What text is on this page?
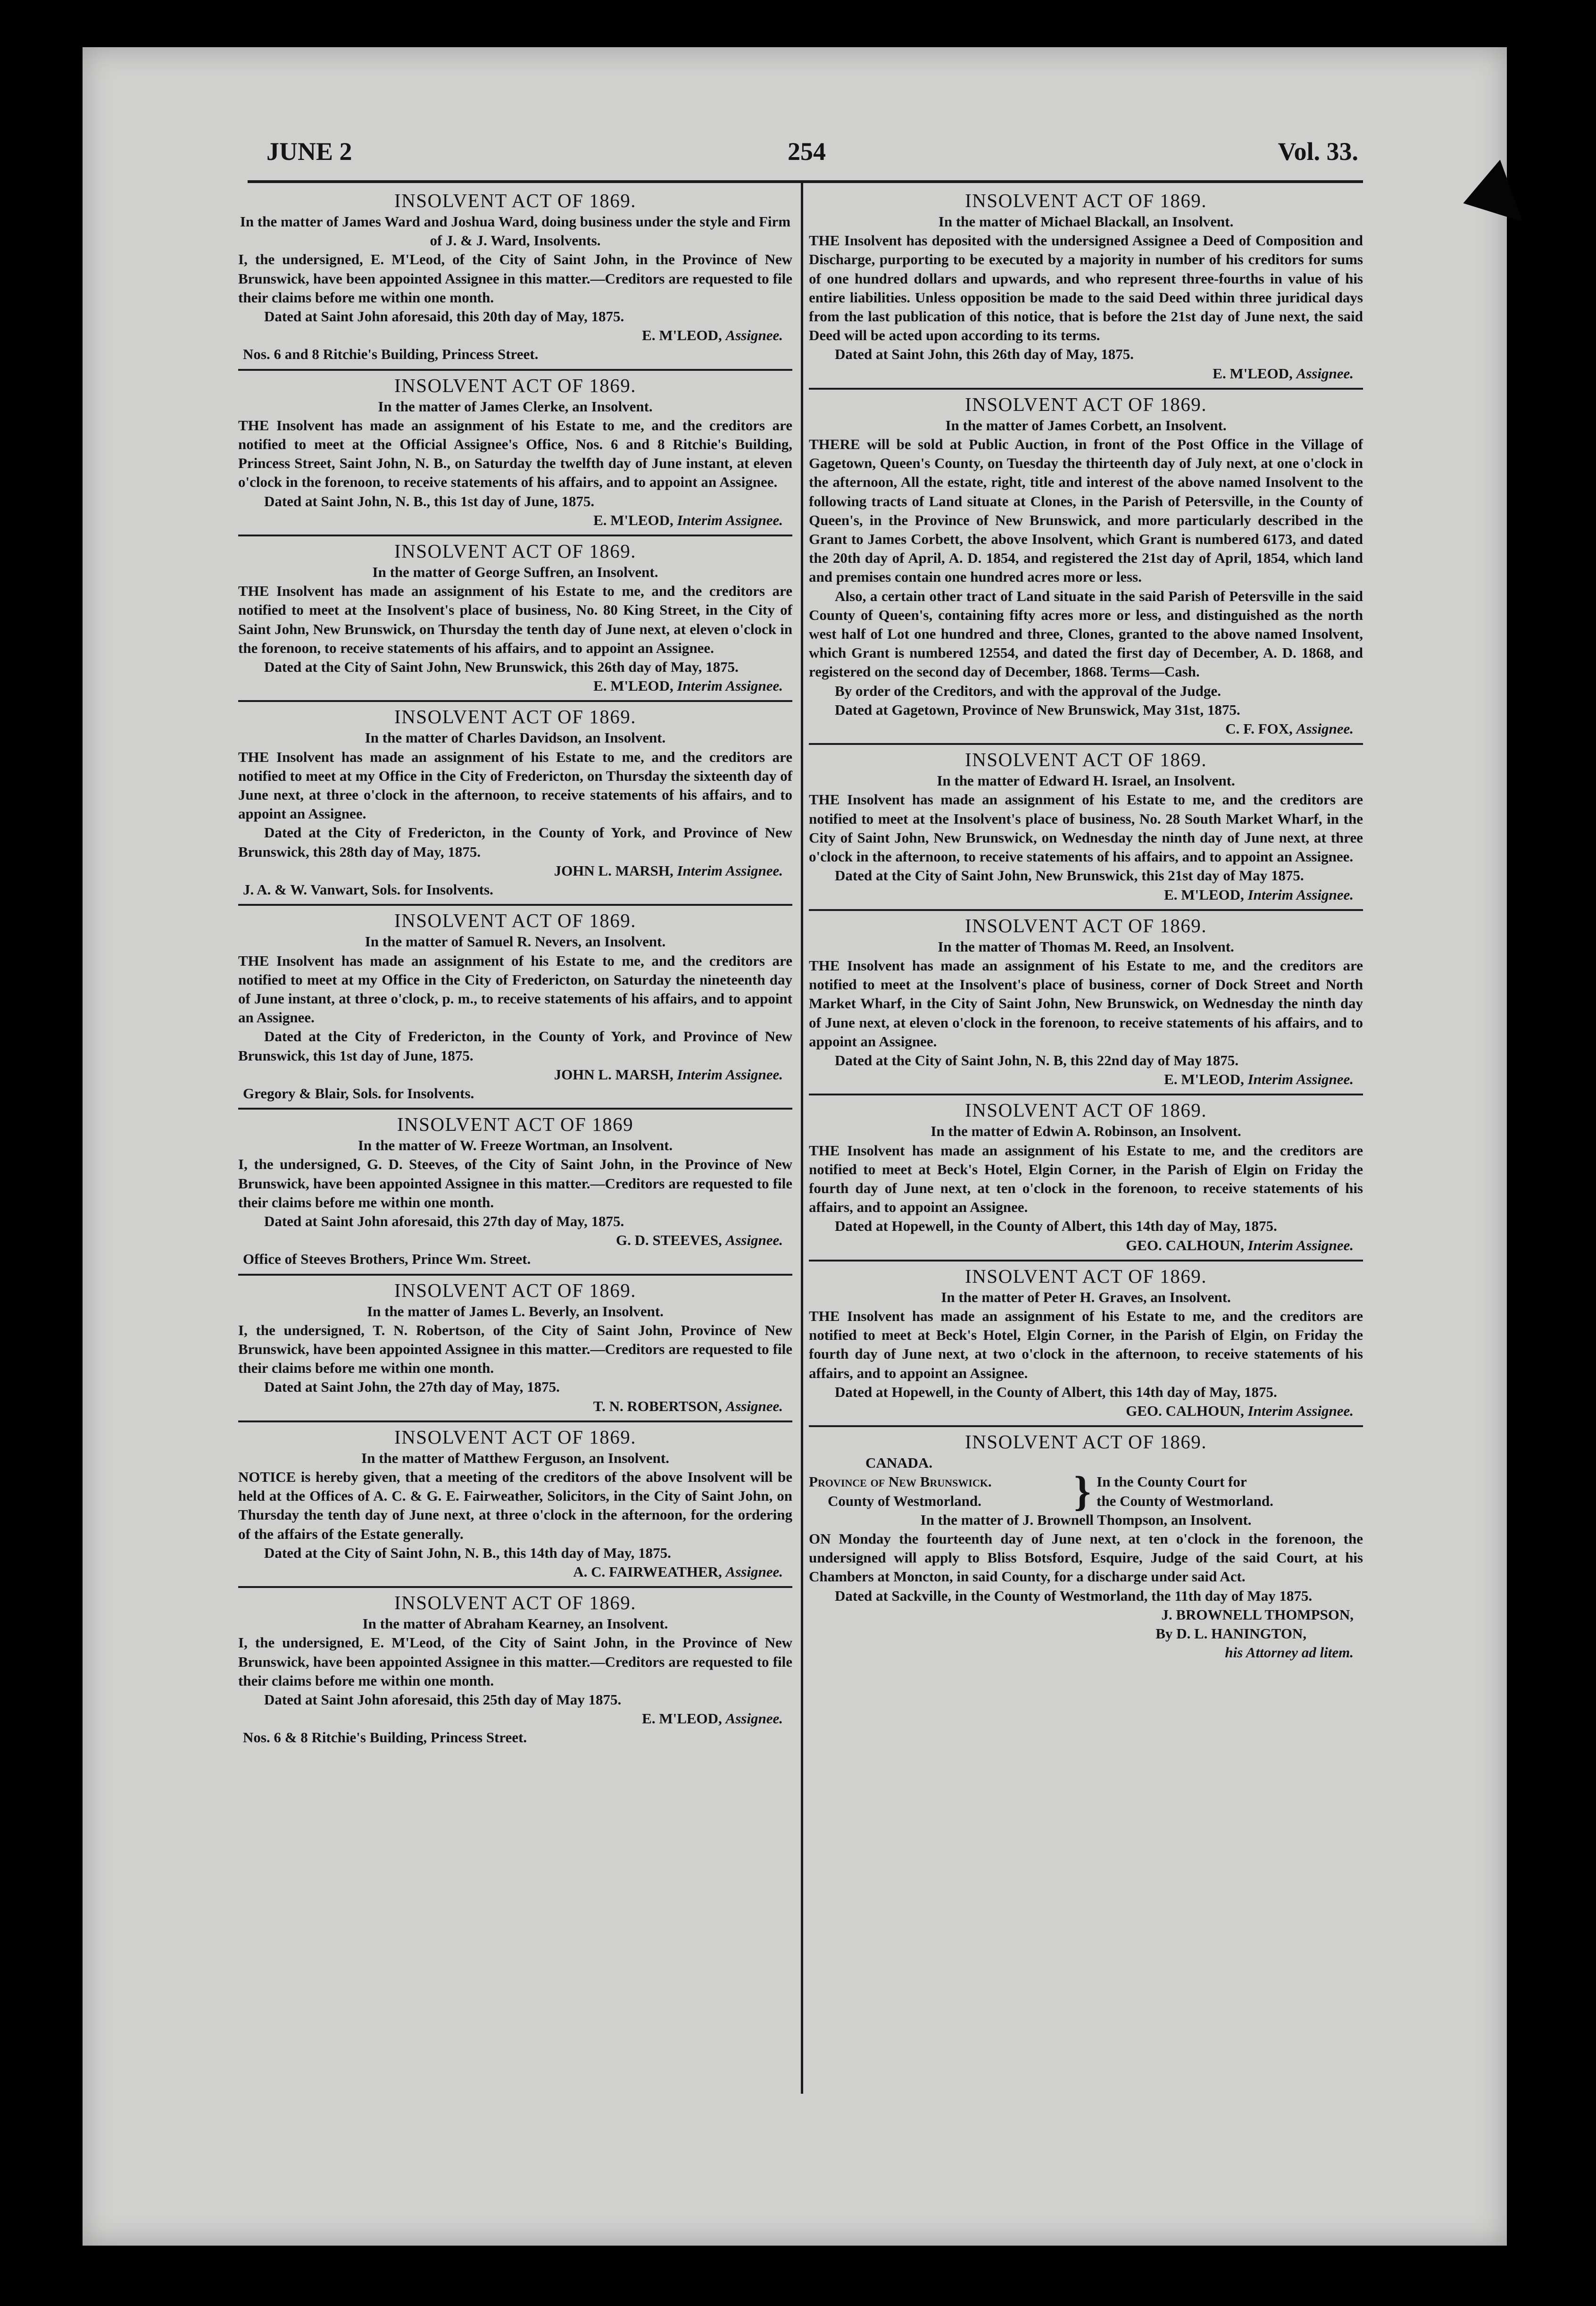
JUNE 2	254	Vol. 33.
INSOLVENT ACT OF 1869.
In the matter of James Ward and Joshua Ward, doing business under the style and Firm of J. & J. Ward, Insolvents.

I, the undersigned, E. M'Leod, of the City of Saint John, in the Province of New Brunswick, have been appointed Assignee in this matter.—Creditors are requested to file their claims before me within one month.

Dated at Saint John aforesaid, this 20th day of May, 1875.

E. M'LEOD, Assignee.
Nos. 6 and 8 Ritchie's Building, Princess Street.
INSOLVENT ACT OF 1869.
In the matter of James Clerke, an Insolvent.

THE Insolvent has made an assignment of his Estate to me, and the creditors are notified to meet at the Official Assignee's Office, Nos. 6 and 8 Ritchie's Building, Princess Street, Saint John, N. B., on Saturday the twelfth day of June instant, at eleven o'clock in the forenoon, to receive statements of his affairs, and to appoint an Assignee.

Dated at Saint John, N. B., this 1st day of June, 1875.

E. M'LEOD, Interim Assignee.
INSOLVENT ACT OF 1869.
In the matter of George Suffren, an Insolvent.

THE Insolvent has made an assignment of his Estate to me, and the creditors are notified to meet at the Insolvent's place of business, No. 80 King Street, in the City of Saint John, New Brunswick, on Thursday the tenth day of June next, at eleven o'clock in the forenoon, to receive statements of his affairs, and to appoint an Assignee.

Dated at the City of Saint John, New Brunswick, this 26th day of May, 1875.

E. M'LEOD, Interim Assignee.
INSOLVENT ACT OF 1869.
In the matter of Charles Davidson, an Insolvent.

THE Insolvent has made an assignment of his Estate to me, and the creditors are notified to meet at my Office in the City of Fredericton, on Thursday the sixteenth day of June next, at three o'clock in the afternoon, to receive statements of his affairs, and to appoint an Assignee.

Dated at the City of Fredericton, in the County of York, and Province of New Brunswick, this 28th day of May, 1875.

JOHN L. MARSH, Interim Assignee.
J. A. & W. Vanwart, Sols. for Insolvents.
INSOLVENT ACT OF 1869.
In the matter of Samuel R. Nevers, an Insolvent.

THE Insolvent has made an assignment of his Estate to me, and the creditors are notified to meet at my Office in the City of Fredericton, on Saturday the nineteenth day of June instant, at three o'clock, p. m., to receive statements of his affairs, and to appoint an Assignee.

Dated at the City of Fredericton, in the County of York, and Province of New Brunswick, this 1st day of June, 1875.

JOHN L. MARSH, Interim Assignee.
Gregory & Blair, Sols. for Insolvents.
INSOLVENT ACT OF 1869
In the matter of W. Freeze Wortman, an Insolvent.

I, the undersigned, G. D. Steeves, of the City of Saint John, in the Province of New Brunswick, have been appointed Assignee in this matter.—Creditors are requested to file their claims before me within one month.

Dated at Saint John aforesaid, this 27th day of May, 1875.

G. D. STEEVES, Assignee.
Office of Steeves Brothers, Prince Wm. Street.
INSOLVENT ACT OF 1869.
In the matter of James L. Beverly, an Insolvent.

I, the undersigned, T. N. Robertson, of the City of Saint John, Province of New Brunswick, have been appointed Assignee in this matter.—Creditors are requested to file their claims before me within one month.

Dated at Saint John, the 27th day of May, 1875.

T. N. ROBERTSON, Assignee.
INSOLVENT ACT OF 1869.
In the matter of Matthew Ferguson, an Insolvent.

NOTICE is hereby given, that a meeting of the creditors of the above Insolvent will be held at the Offices of A. C. & G. E. Fairweather, Solicitors, in the City of Saint John, on Thursday the tenth day of June next, at three o'clock in the afternoon, for the ordering of the affairs of the Estate generally.

Dated at the City of Saint John, N. B., this 14th day of May, 1875.

A. C. FAIRWEATHER, Assignee.
INSOLVENT ACT OF 1869.
In the matter of Abraham Kearney, an Insolvent.

I, the undersigned, E. M'Leod, of the City of Saint John, in the Province of New Brunswick, have been appointed Assignee in this matter.—Creditors are requested to file their claims before me within one month.

Dated at Saint John aforesaid, this 25th day of May 1875.

E. M'LEOD, Assignee.
Nos. 6 & 8 Ritchie's Building, Princess Street.
INSOLVENT ACT OF 1869.
In the matter of Michael Blackall, an Insolvent.

THE Insolvent has deposited with the undersigned Assignee a Deed of Composition and Discharge, purporting to be executed by a majority in number of his creditors for sums of one hundred dollars and upwards, and who represent three-fourths in value of his entire liabilities. Unless opposition be made to the said Deed within three juridical days from the last publication of this notice, that is before the 21st day of June next, the said Deed will be acted upon according to its terms.

Dated at Saint John, this 26th day of May, 1875.

E. M'LEOD, Assignee.
INSOLVENT ACT OF 1869.
In the matter of James Corbett, an Insolvent.

THERE will be sold at Public Auction, in front of the Post Office in the Village of Gagetown, Queen's County, on Tuesday the thirteenth day of July next, at one o'clock in the afternoon, All the estate, right, title and interest of the above named Insolvent to the following tracts of Land situate at Clones, in the Parish of Petersville, in the County of Queen's, in the Province of New Brunswick, and more particularly described in the Grant to James Corbett, the above Insolvent, which Grant is numbered 6173, and dated the 20th day of April, A. D. 1854, and registered the 21st day of April, 1854, which land and premises contain one hundred acres more or less.

Also, a certain other tract of Land situate in the said Parish of Petersville in the said County of Queen's, containing fifty acres more or less, and distinguished as the north west half of Lot one hundred and three, Clones, granted to the above named Insolvent, which Grant is numbered 12554, and dated the first day of December, A. D. 1868, and registered on the second day of December, 1868. Terms—Cash.

By order of the Creditors, and with the approval of the Judge.

Dated at Gagetown, Province of New Brunswick, May 31st, 1875.

C. F. FOX, Assignee.
INSOLVENT ACT OF 1869.
In the matter of Edward H. Israel, an Insolvent.

THE Insolvent has made an assignment of his Estate to me, and the creditors are notified to meet at the Insolvent's place of business, No. 28 South Market Wharf, in the City of Saint John, New Brunswick, on Wednesday the ninth day of June next, at three o'clock in the afternoon, to receive statements of his affairs, and to appoint an Assignee.

Dated at the City of Saint John, New Brunswick, this 21st day of May 1875.

E. M'LEOD, Interim Assignee.
INSOLVENT ACT OF 1869.
In the matter of Thomas M. Reed, an Insolvent.

THE Insolvent has made an assignment of his Estate to me, and the creditors are notified to meet at the Insolvent's place of business, corner of Dock Street and North Market Wharf, in the City of Saint John, New Brunswick, on Wednesday the ninth day of June next, at eleven o'clock in the forenoon, to receive statements of his affairs, and to appoint an Assignee.

Dated at the City of Saint John, N. B, this 22nd day of May 1875.

E. M'LEOD, Interim Assignee.
INSOLVENT ACT OF 1869.
In the matter of Edwin A. Robinson, an Insolvent.

THE Insolvent has made an assignment of his Estate to me, and the creditors are notified to meet at Beck's Hotel, Elgin Corner, in the Parish of Elgin on Friday the fourth day of June next, at ten o'clock in the forenoon, to receive statements of his affairs, and to appoint an Assignee.

Dated at Hopewell, in the County of Albert, this 14th day of May, 1875.

GEO. CALHOUN, Interim Assignee.
INSOLVENT ACT OF 1869.
In the matter of Peter H. Graves, an Insolvent.

THE Insolvent has made an assignment of his Estate to me, and the creditors are notified to meet at Beck's Hotel, Elgin Corner, in the Parish of Elgin, on Friday the fourth day of June next, at two o'clock in the afternoon, to receive statements of his affairs, and to appoint an Assignee.

Dated at Hopewell, in the County of Albert, this 14th day of May, 1875.

GEO. CALHOUN, Interim Assignee.
INSOLVENT ACT OF 1869.
CANADA.
Province of New Brunswick.
County of Westmorland.	} In the County Court for
the County of Westmorland.
In the matter of J. Brownell Thompson, an Insolvent.

ON Monday the fourteenth day of June next, at ten o'clock in the forenoon, the undersigned will apply to Bliss Botsford, Esquire, Judge of the said Court, at his Chambers at Moncton, in said County, for a discharge under said Act.

Dated at Sackville, in the County of Westmorland, the 11th day of May 1875.

J. BROWNELL THOMPSON,
By D. L. HANINGTON,
his Attorney ad litem.
